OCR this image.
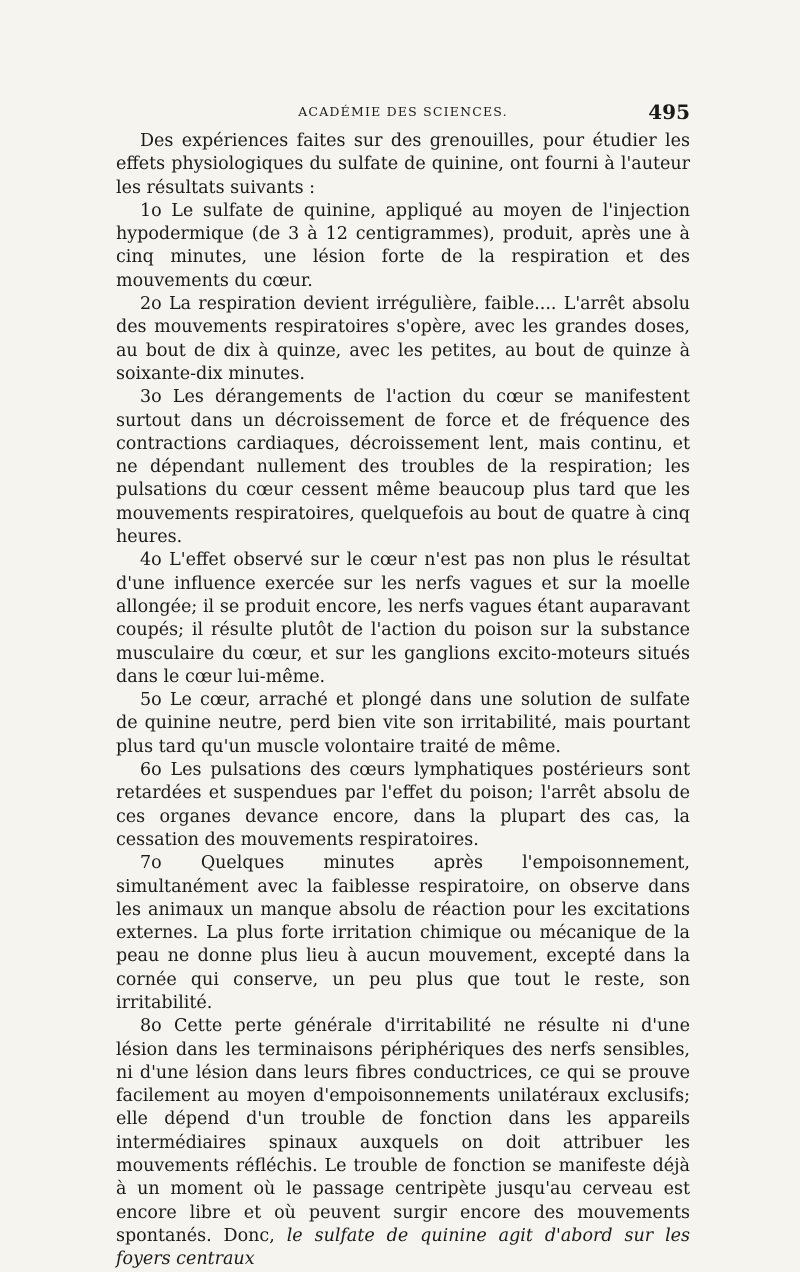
ACADÉMIE DES SCIENCES.	495

Des expériences faites sur des grenouilles, pour étudier les effets physiologiques du sulfate de quinine, ont fourni à l'auteur les résultats suivants :

1o Le sulfate de quinine, appliqué au moyen de l'injection hypodermique (de 3 à 12 centigrammes), produit, après une à cinq minutes, une lésion forte de la respiration et des mouvements du cœur.

2o La respiration devient irrégulière, faible.... L'arrêt absolu des mouvements respiratoires s'opère, avec les grandes doses, au bout de dix à quinze, avec les petites, au bout de quinze à soixante-dix minutes.

3o Les dérangements de l'action du cœur se manifestent surtout dans un décroissement de force et de fréquence des contractions cardiaques, décroissement lent, mais continu, et ne dépendant nullement des troubles de la respiration; les pulsations du cœur cessent même beaucoup plus tard que les mouvements respiratoires, quelquefois au bout de quatre à cinq heures.

4o L'effet observé sur le cœur n'est pas non plus le résultat d'une influence exercée sur les nerfs vagues et sur la moelle allongée; il se produit encore, les nerfs vagues étant auparavant coupés; il résulte plutôt de l'action du poison sur la substance musculaire du cœur, et sur les ganglions excito-moteurs situés dans le cœur lui-même.

5o Le cœur, arraché et plongé dans une solution de sulfate de quinine neutre, perd bien vite son irritabilité, mais pourtant plus tard qu'un muscle volontaire traité de même.

6o Les pulsations des cœurs lymphatiques postérieurs sont retardées et suspendues par l'effet du poison; l'arrêt absolu de ces organes devance encore, dans la plupart des cas, la cessation des mouvements respiratoires.

7o Quelques minutes après l'empoisonnement, simultanément avec la faiblesse respiratoire, on observe dans les animaux un manque absolu de réaction pour les excitations externes. La plus forte irritation chimique ou mécanique de la peau ne donne plus lieu à aucun mouvement, excepté dans la cornée qui conserve, un peu plus que tout le reste, son irritabilité.

8o Cette perte générale d'irritabilité ne résulte ni d'une lésion dans les terminaisons périphériques des nerfs sensibles, ni d'une lésion dans leurs fibres conductrices, ce qui se prouve facilement au moyen d'empoisonnements unilatéraux exclusifs; elle dépend d'un trouble de fonction dans les appareils intermédiaires spinaux auxquels on doit attribuer les mouvements réfléchis. Le trouble de fonction se manifeste déjà à un moment où le passage centripète jusqu'au cerveau est encore libre et où peuvent surgir encore des mouvements spontanés. Donc, le sulfate de quinine agit d'abord sur les foyers centraux
